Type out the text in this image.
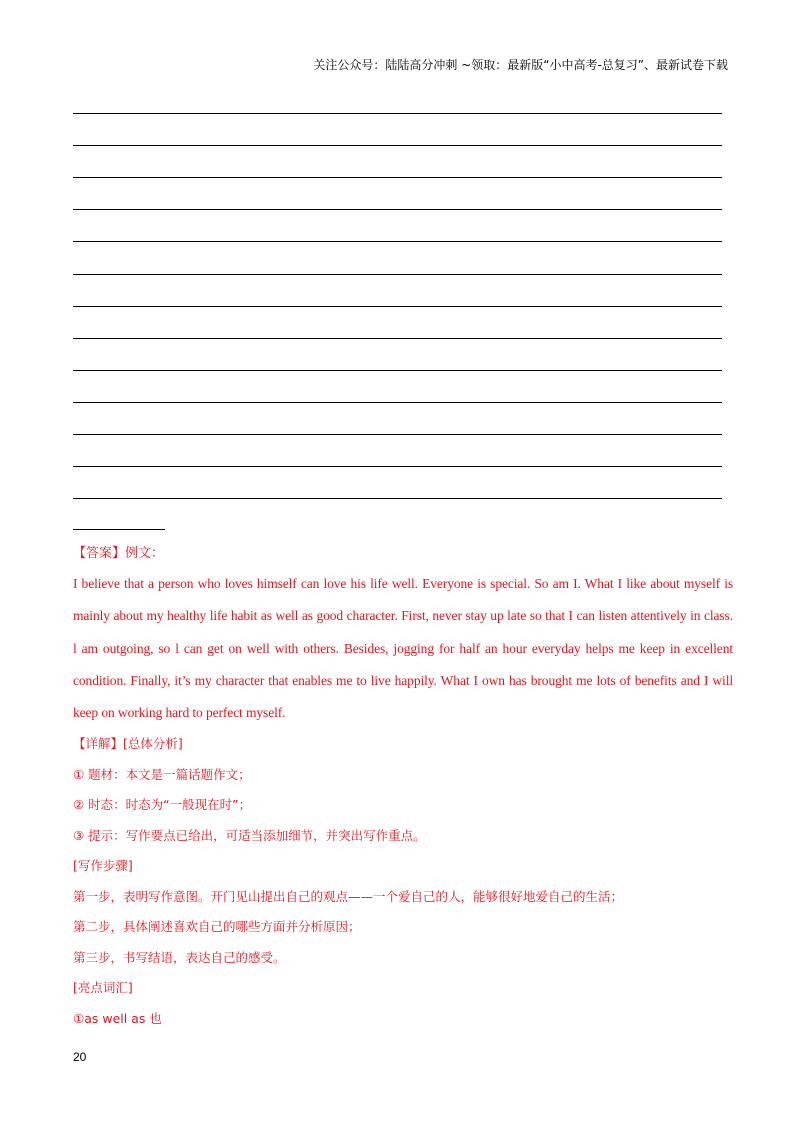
关注公众号：陆陆高分冲刺 ~领取：最新版“小中高考-总复习”、最新试卷下载
【答案】例文：

I believe that a person who loves himself can love his life well. Everyone is special. So am I. What I like about myself is mainly about my healthy life habit as well as good character. First, never stay up late so that I can listen attentively in class. l am outgoing, so l can get on well with others. Besides, jogging for half an hour everyday helps me keep in excellent condition. Finally, it’s my character that enables me to live happily. What I own has brought me lots of benefits and I will keep on working hard to perfect myself.

【详解】[总体分析]
① 题材：本文是一篇话题作文；
② 时态：时态为“一般现在时”；
③ 提示：写作要点已给出，可适当添加细节，并突出写作重点。
[写作步骤]
第一步，表明写作意图。开门见山提出自己的观点——一个爱自己的人，能够很好地爱自己的生活；
第二步，具体阐述喜欢自己的哪些方面并分析原因；
第三步，书写结语，表达自己的感受。
[亮点词汇]
①as well as 也
20
